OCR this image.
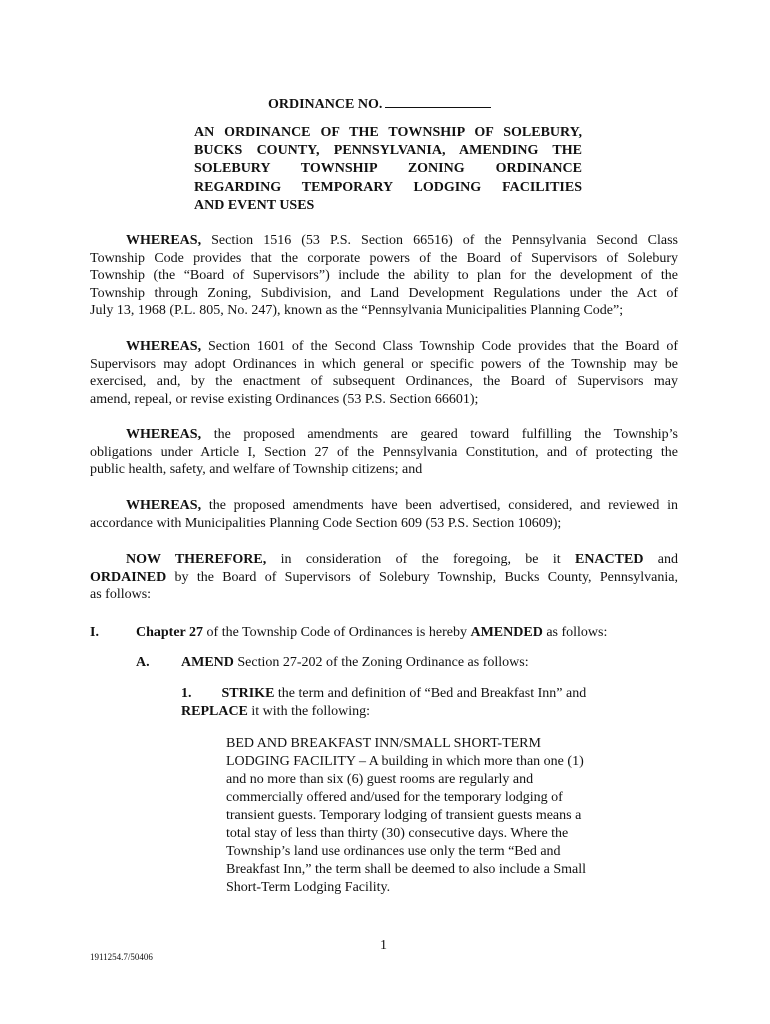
ORDINANCE NO.
AN ORDINANCE OF THE TOWNSHIP OF SOLEBURY,
BUCKS COUNTY, PENNSYLVANIA, AMENDING THE
SOLEBURY TOWNSHIP ZONING ORDINANCE
REGARDING TEMPORARY LODGING FACILITIES
AND EVENT USES
WHEREAS, Section 1516 (53 P.S. Section 66516) of the Pennsylvania Second Class
Township Code provides that the corporate powers of the Board of Supervisors of Solebury
Township (the “Board of Supervisors”) include the ability to plan for the development of the
Township through Zoning, Subdivision, and Land Development Regulations under the Act of
July 13, 1968 (P.L. 805, No. 247), known as the “Pennsylvania Municipalities Planning Code”;
WHEREAS, Section 1601 of the Second Class Township Code provides that the Board of
Supervisors may adopt Ordinances in which general or specific powers of the Township may be
exercised, and, by the enactment of subsequent Ordinances, the Board of Supervisors may
amend, repeal, or revise existing Ordinances (53 P.S. Section 66601);
WHEREAS, the proposed amendments are geared toward fulfilling the Township’s
obligations under Article I, Section 27 of the Pennsylvania Constitution, and of protecting the
public health, safety, and welfare of Township citizens; and
WHEREAS, the proposed amendments have been advertised, considered, and reviewed in
accordance with Municipalities Planning Code Section 609 (53 P.S. Section 10609);
NOW THEREFORE, in consideration of the foregoing, be it ENACTED and
ORDAINED by the Board of Supervisors of Solebury Township, Bucks County, Pennsylvania,
as follows:
I.	Chapter 27 of the Township Code of Ordinances is hereby AMENDED as follows:
A. AMEND Section 27-202 of the Zoning Ordinance as follows:
1. STRIKE the term and definition of “Bed and Breakfast Inn” and
REPLACE it with the following:
BED AND BREAKFAST INN/SMALL SHORT-TERM
LODGING FACILITY – A building in which more than one (1)
and no more than six (6) guest rooms are regularly and
commercially offered and/used for the temporary lodging of
transient guests. Temporary lodging of transient guests means a
total stay of less than thirty (30) consecutive days. Where the
Township’s land use ordinances use only the term “Bed and
Breakfast Inn,” the term shall be deemed to also include a Small
Short-Term Lodging Facility.
1
1911254.7/50406
